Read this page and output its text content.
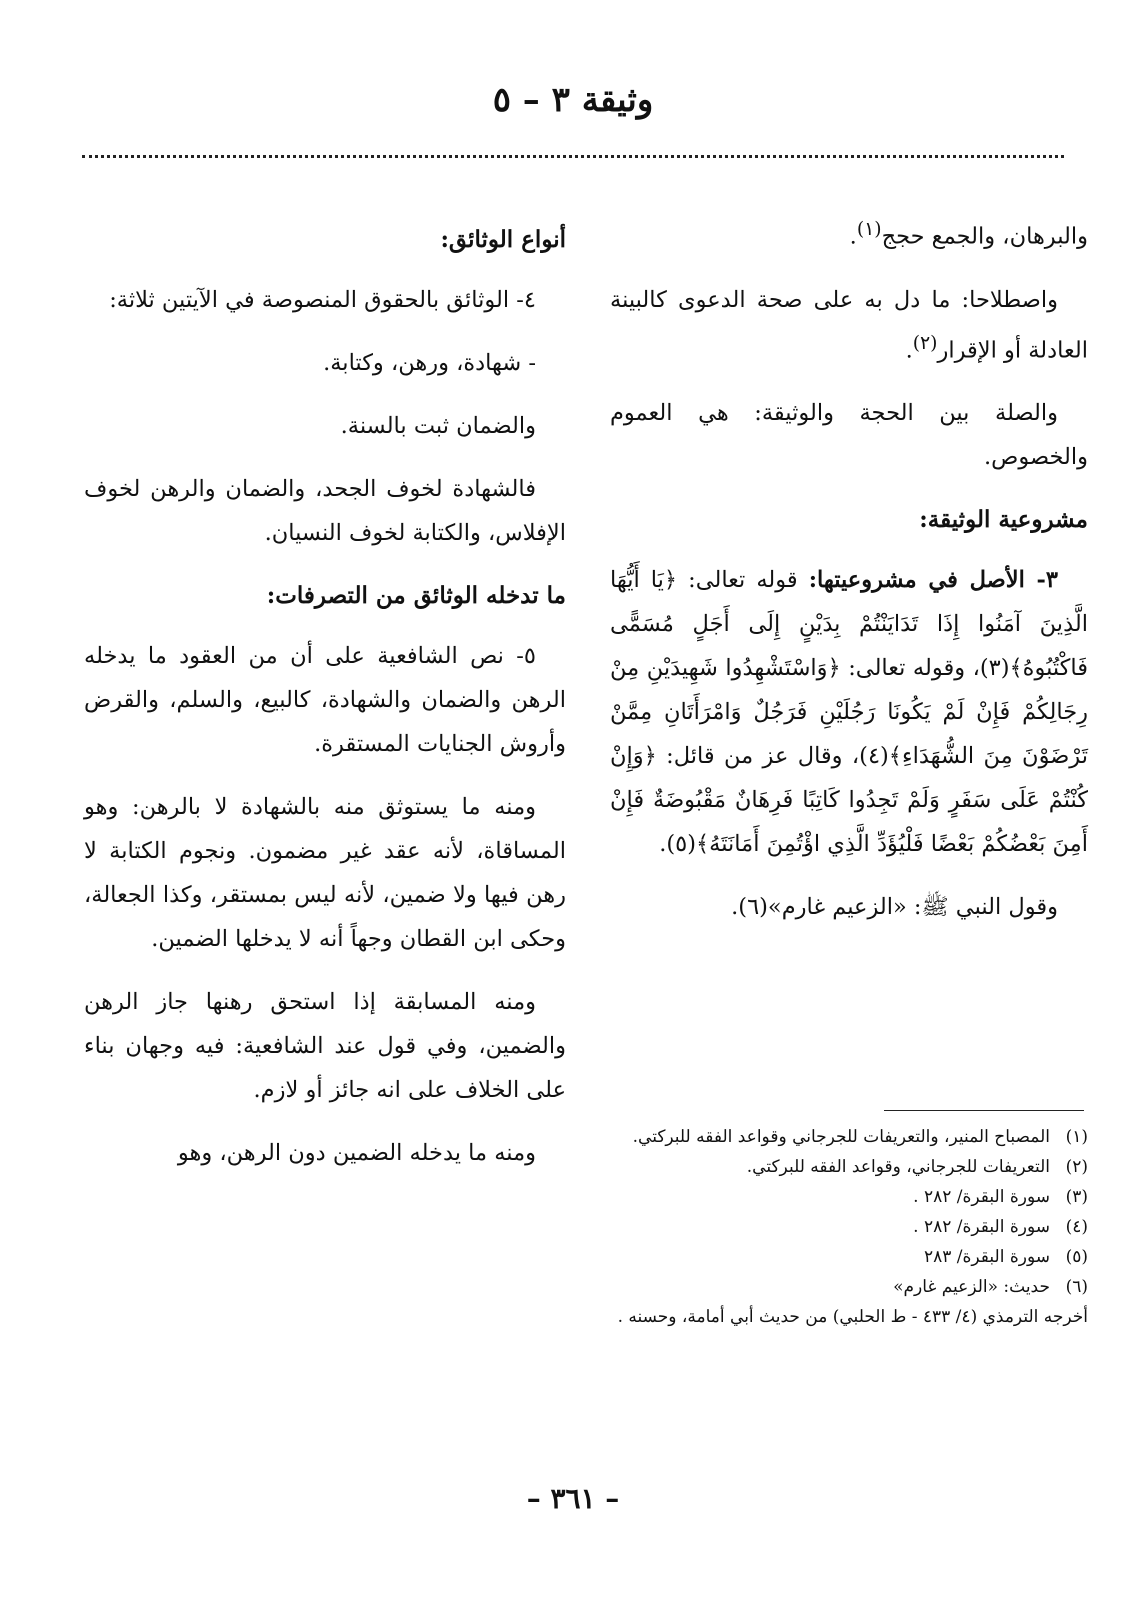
وثيقة ٣ – ٥

والبرهان، والجمع حجج$^{(١)}$.

واصطلاحا: ما دل به على صحة الدعوى كالبينة العادلة أو الإقرار$^{(٢)}$.

والصلة بين الحجة والوثيقة: هي العموم والخصوص.

مشروعية الوثيقة:

٣- الأصل في مشروعيتها: قوله تعالى: ﴿يَا أَيُّهَا الَّذِينَ آمَنُوا إِذَا تَدَايَنْتُمْ بِدَيْنٍ إِلَى أَجَلٍ مُسَمًّى فَاكْتُبُوهُ﴾(٣)، وقوله تعالى: ﴿وَاسْتَشْهِدُوا شَهِيدَيْنِ مِنْ رِجَالِكُمْ فَإِنْ لَمْ يَكُونَا رَجُلَيْنِ فَرَجُلٌ وَامْرَأَتَانِ مِمَّنْ تَرْضَوْنَ مِنَ الشُّهَدَاءِ﴾(٤)، وقال عز من قائل: ﴿وَإِنْ كُنْتُمْ عَلَى سَفَرٍ وَلَمْ تَجِدُوا كَاتِبًا فَرِهَانٌ مَقْبُوضَةٌ فَإِنْ أَمِنَ بَعْضُكُمْ بَعْضًا فَلْيُؤَدِّ الَّذِي اؤْتُمِنَ أَمَانَتَهُ﴾(٥).

وقول النبي ﷺ: «الزعيم غارم»(٦).

أنواع الوثائق:

٤- الوثائق بالحقوق المنصوصة في الآيتين ثلاثة:

- شهادة، ورهن، وكتابة.

والضمان ثبت بالسنة.

فالشهادة لخوف الجحد، والضمان والرهن لخوف الإفلاس، والكتابة لخوف النسيان.

ما تدخله الوثائق من التصرفات:

٥- نص الشافعية على أن من العقود ما يدخله الرهن والضمان والشهادة، كالبيع، والسلم، والقرض وأروش الجنايات المستقرة.

ومنه ما يستوثق منه بالشهادة لا بالرهن: وهو المساقاة، لأنه عقد غير مضمون. ونجوم الكتابة لا رهن فيها ولا ضمين، لأنه ليس بمستقر، وكذا الجعالة، وحكى ابن القطان وجهاً أنه لا يدخلها الضمين.

ومنه المسابقة إذا استحق رهنها جاز الرهن والضمين، وفي قول عند الشافعية: فيه وجهان بناء على الخلاف على انه جائز أو لازم.

ومنه ما يدخله الضمين دون الرهن، وهو

(١)
المصباح المنير، والتعريفات للجرجاني وقواعد الفقه للبركتي.
(٢)
التعريفات للجرجاني، وقواعد الفقه للبركتي.
(٣)
سورة البقرة/ ٢٨٢ .
(٤)
سورة البقرة/ ٢٨٢ .
(٥)
سورة البقرة/ ٢٨٣
(٦)
حديث: «الزعيم غارم»

أخرجه الترمذي (٤/ ٤٣٣ - ط الحلبي) من حديث أبي أمامة، وحسنه .

– ٣٦١ –
